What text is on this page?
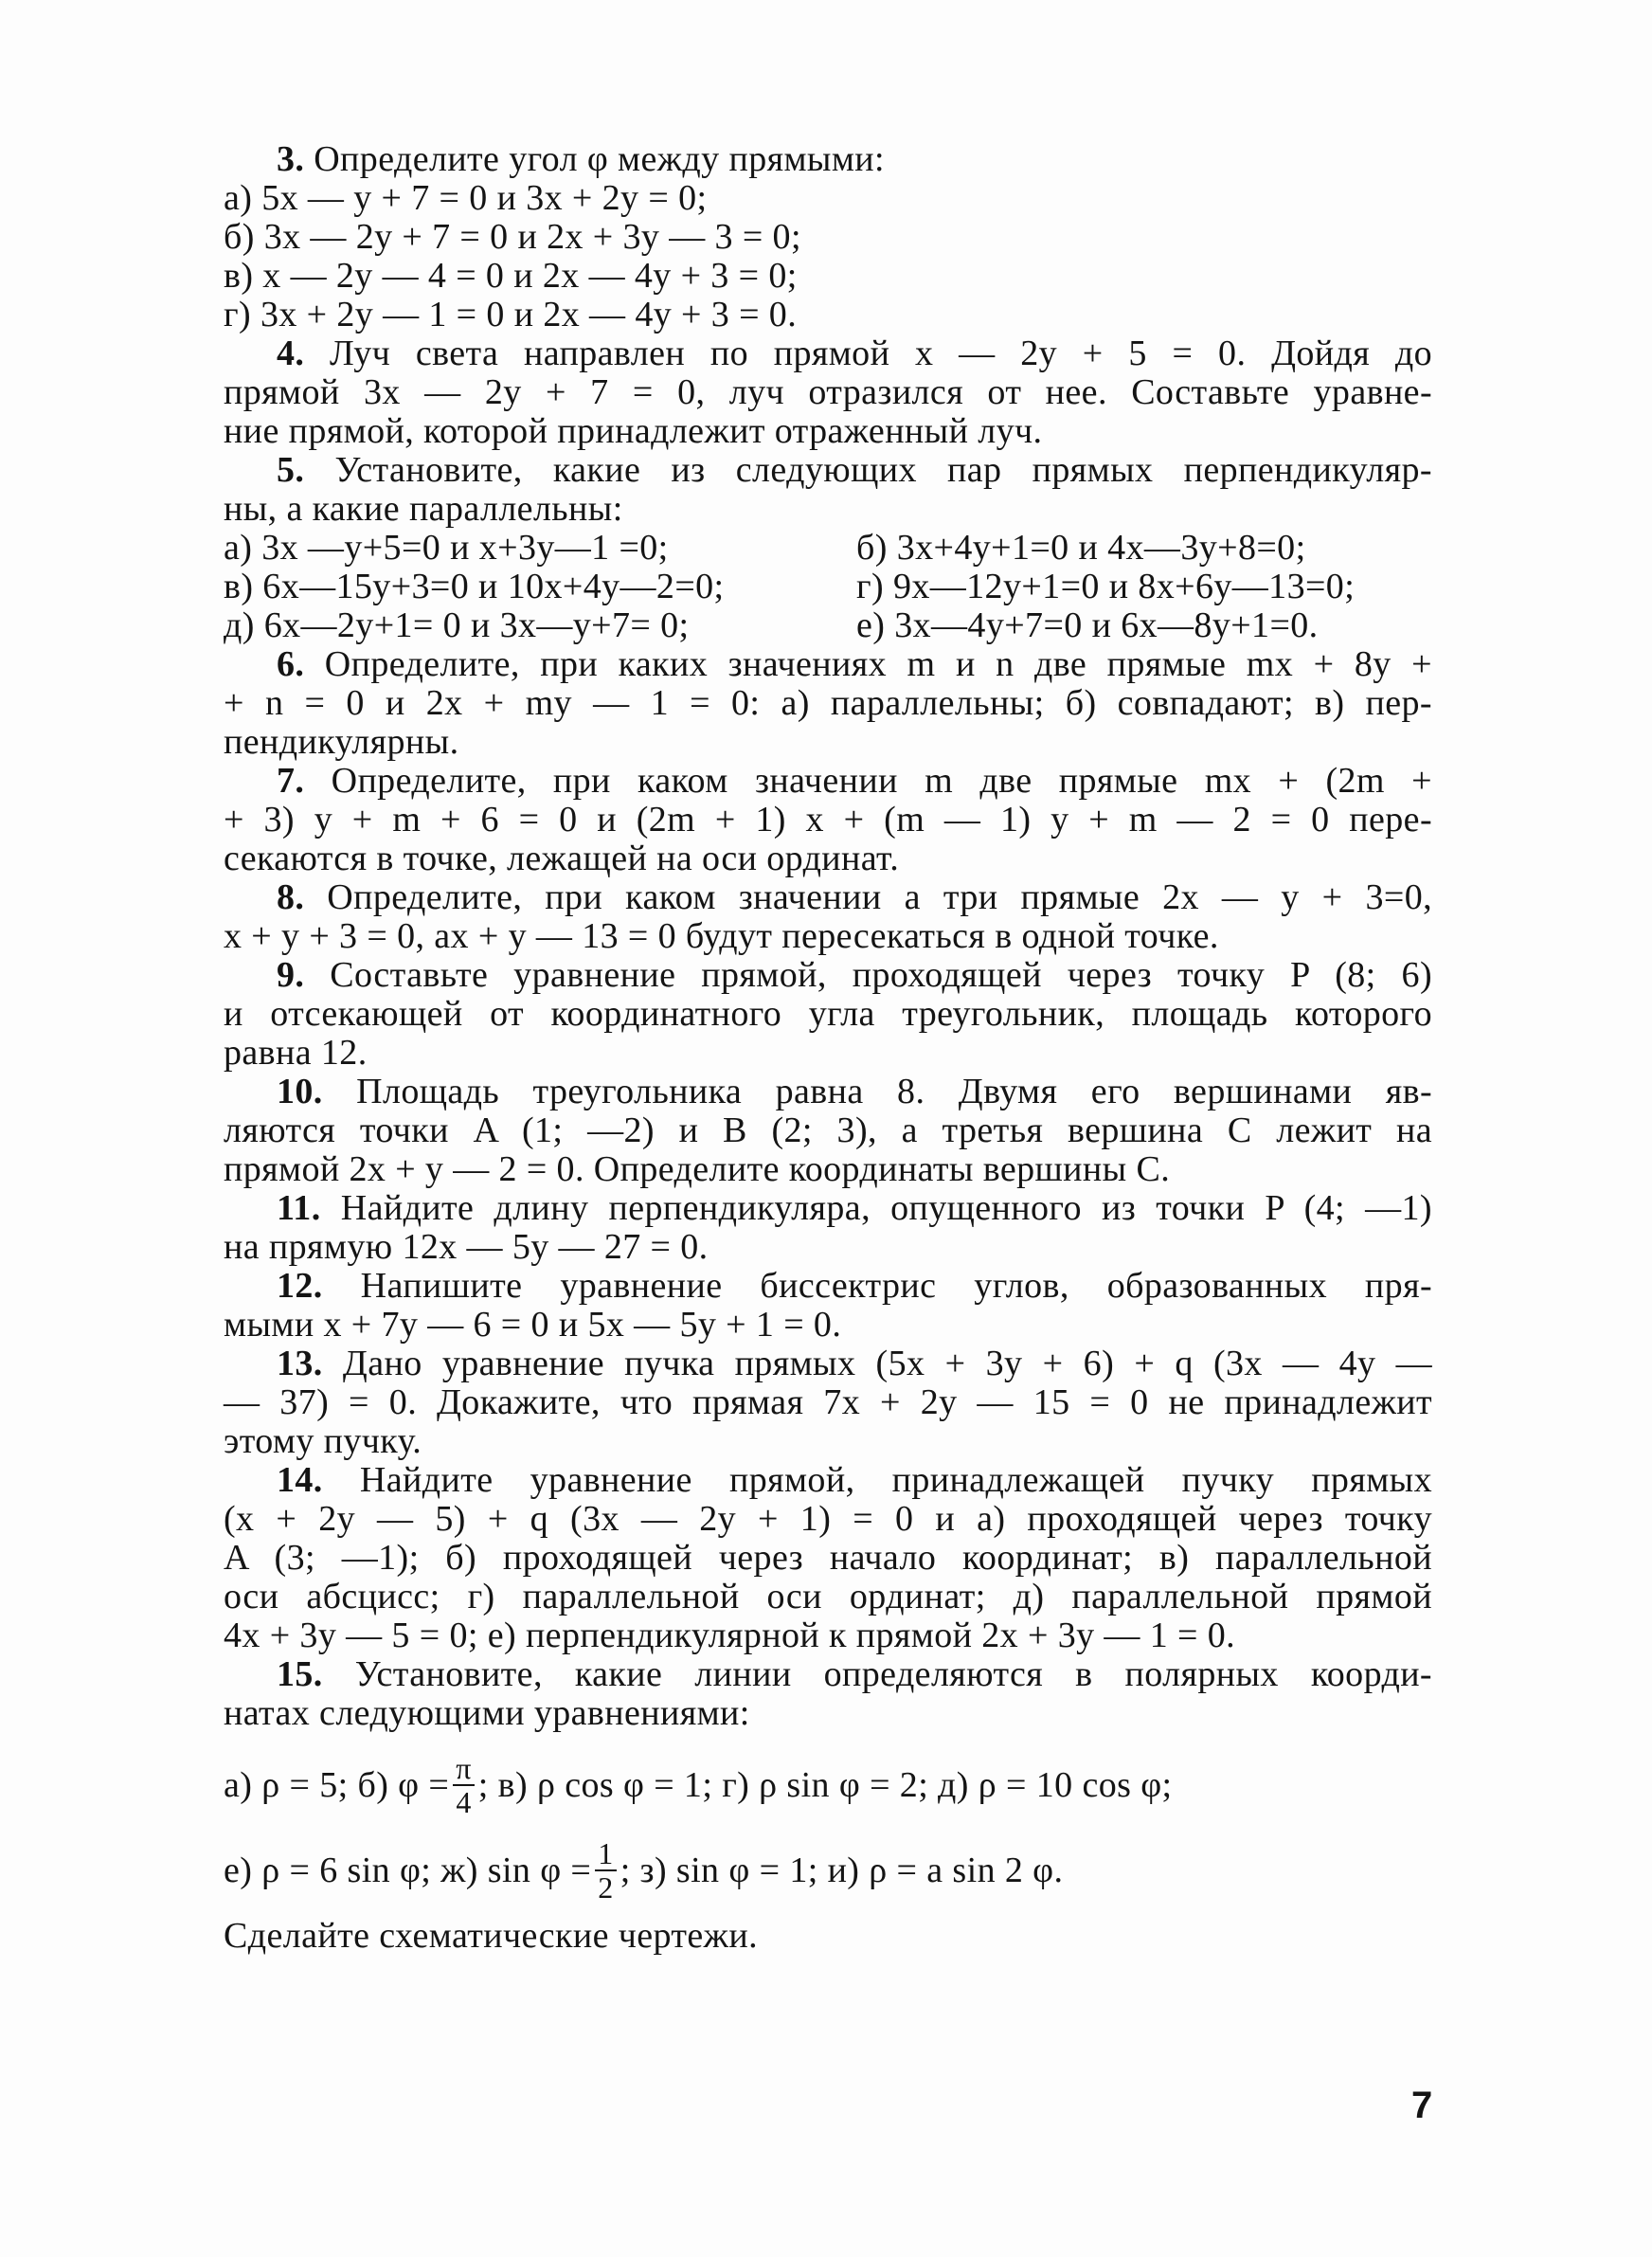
3. Определите угол φ между прямыми:
а) 5x — y + 7 = 0 и 3x + 2y = 0;
б) 3x — 2y + 7 = 0 и 2x + 3y — 3 = 0;
в) x — 2y — 4 = 0 и 2x — 4y + 3 = 0;
г) 3x + 2y — 1 = 0 и 2x — 4y + 3 = 0.
4. Луч света направлен по прямой x — 2y + 5 = 0. Дойдя до
прямой 3x — 2y + 7 = 0, луч отразился от нее. Составьте уравне-
ние прямой, которой принадлежит отраженный луч.
5. Установите, какие из следующих пар прямых перпендикуляр-
ны, а какие параллельны:
а) 3x —y+5=0 и x+3y—1 =0;	б) 3x+4y+1=0 и 4x—3y+8=0;
в) 6x—15y+3=0 и 10x+4y—2=0;	г) 9x—12y+1=0 и 8x+6y—13=0;
д) 6x—2y+1= 0 и 3x—y+7= 0;	е) 3x—4y+7=0 и 6x—8y+1=0.
6. Определите, при каких значениях m и n две прямые mx + 8y +
+ n = 0 и 2x + my — 1 = 0: а) параллельны; б) совпадают; в) пер-
пендикулярны.
7. Определите, при каком значении m две прямые mx + (2m +
+ 3) y + m + 6 = 0 и (2m + 1) x + (m — 1) y + m — 2 = 0 пере-
секаются в точке, лежащей на оси ординат.
8. Определите, при каком значении a три прямые 2x — y + 3=0,
x + y + 3 = 0, ax + y — 13 = 0 будут пересекаться в одной точке.
9. Составьте уравнение прямой, проходящей через точку P (8; 6)
и отсекающей от координатного угла треугольник, площадь которого
равна 12.
10. Площадь треугольника равна 8. Двумя его вершинами яв-
ляются точки A (1; —2) и B (2; 3), а третья вершина C лежит на
прямой 2x + y — 2 = 0. Определите координаты вершины C.
11. Найдите длину перпендикуляра, опущенного из точки P (4; —1)
на прямую 12x — 5y — 27 = 0.
12. Напишите уравнение биссектрис углов, образованных пря-
мыми x + 7y — 6 = 0 и 5x — 5y + 1 = 0.
13. Дано уравнение пучка прямых (5x + 3y + 6) + q (3x — 4y —
— 37) = 0. Докажите, что прямая 7x + 2y — 15 = 0 не принадлежит
этому пучку.
14. Найдите уравнение прямой, принадлежащей пучку прямых
(x + 2y — 5) + q (3x — 2y + 1) = 0 и а) проходящей через точку
A (3; —1); б) проходящей через начало координат; в) параллельной
оси абсцисс; г) параллельной оси ординат; д) параллельной прямой
4x + 3y — 5 = 0; е) перпендикулярной к прямой 2x + 3y — 1 = 0.
15. Установите, какие линии определяются в полярных коорди-
натах следующими уравнениями:
а) ρ = 5; б) $\varphi = \frac{\pi}{4}$ ; в) ρ cos φ = 1; г) ρ sin φ = 2; д) ρ = 10 cos φ;
е) ρ = 6 sin φ; ж) $\sin \varphi = \frac{1}{2}$ ; з) sin φ = 1; и) ρ = a sin 2 φ.
Сделайте схематические чертежи.
7
